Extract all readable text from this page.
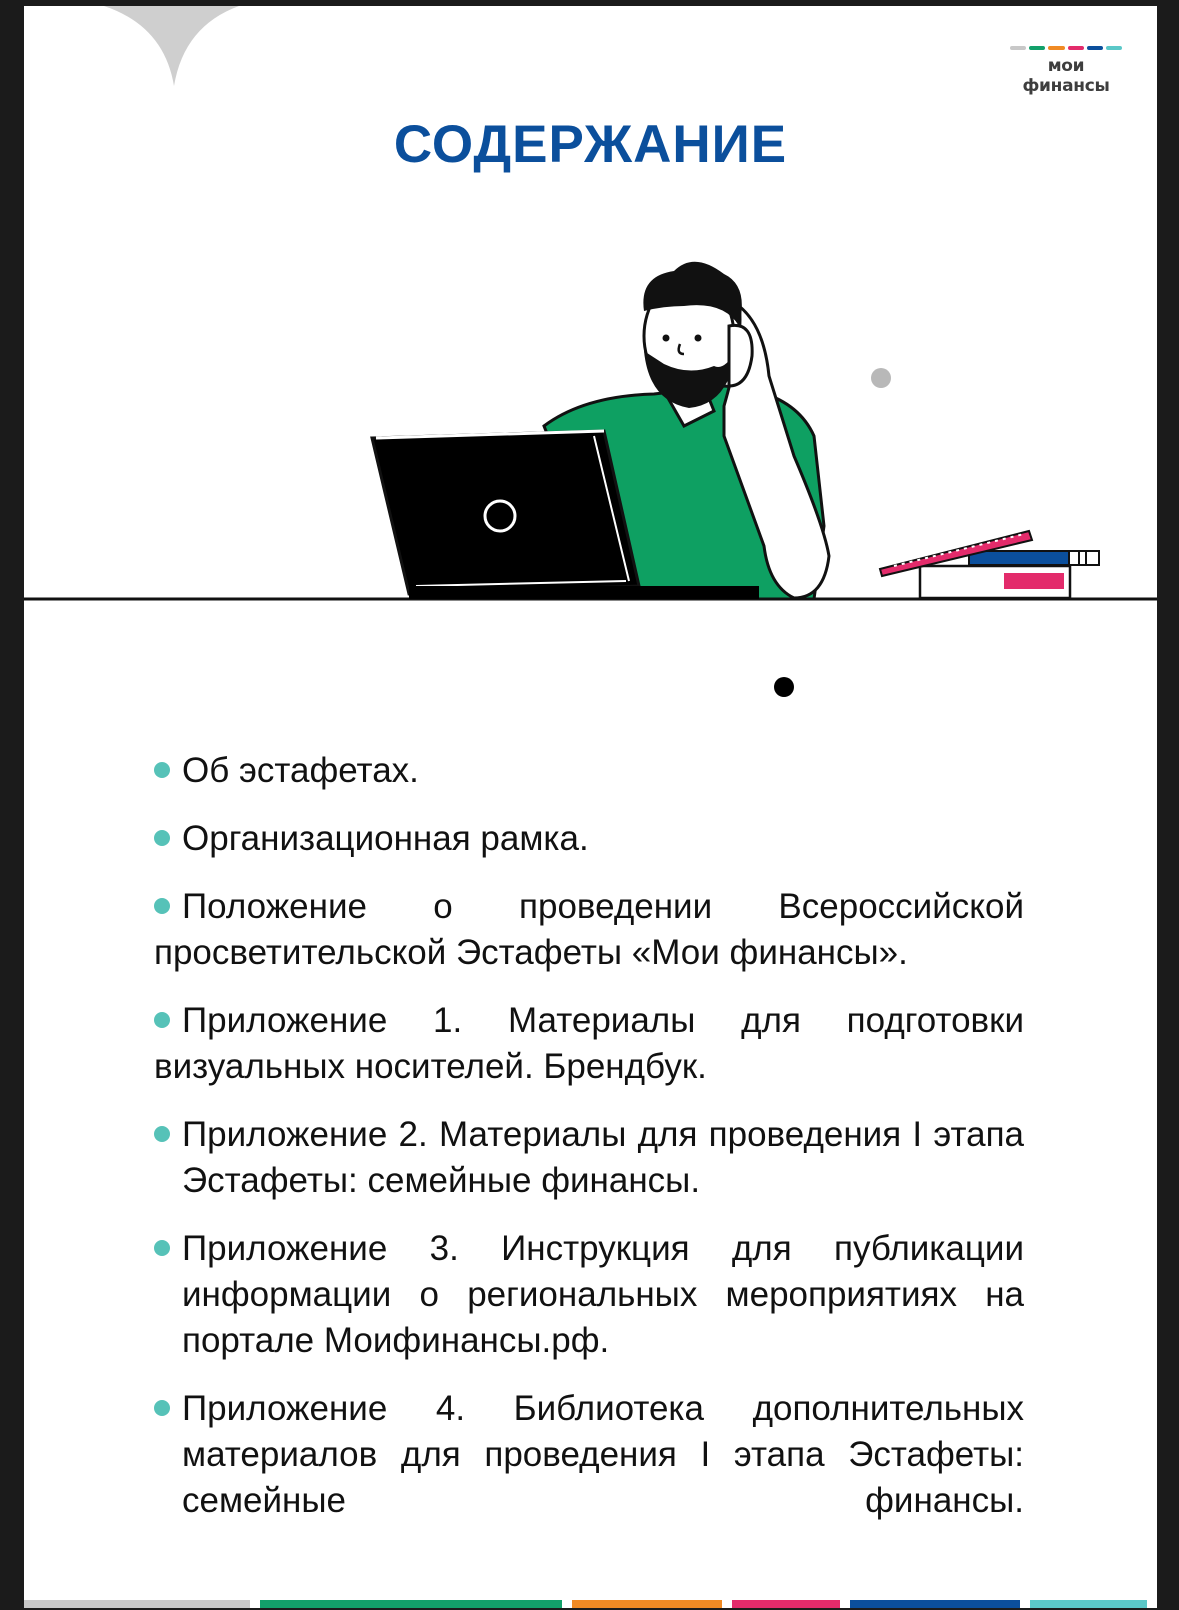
мои финансы
СОДЕРЖАНИЕ
Об эстафетах.
Организационная рамка.
Положение о проведении Всероссийской просветительской Эстафеты «Мои финансы».
Приложение 1. Материалы для подготовки визуальных носителей. Брендбук.
Приложение 2. Материалы для проведения I этапа Эстафеты: семейные финансы.
Приложение 3. Инструкция для публикации информации о региональных мероприятиях на портале Моифинансы.рф.
Приложение 4. Библиотека дополнительных материалов для проведения I этапа Эстафеты: семейные финансы.
